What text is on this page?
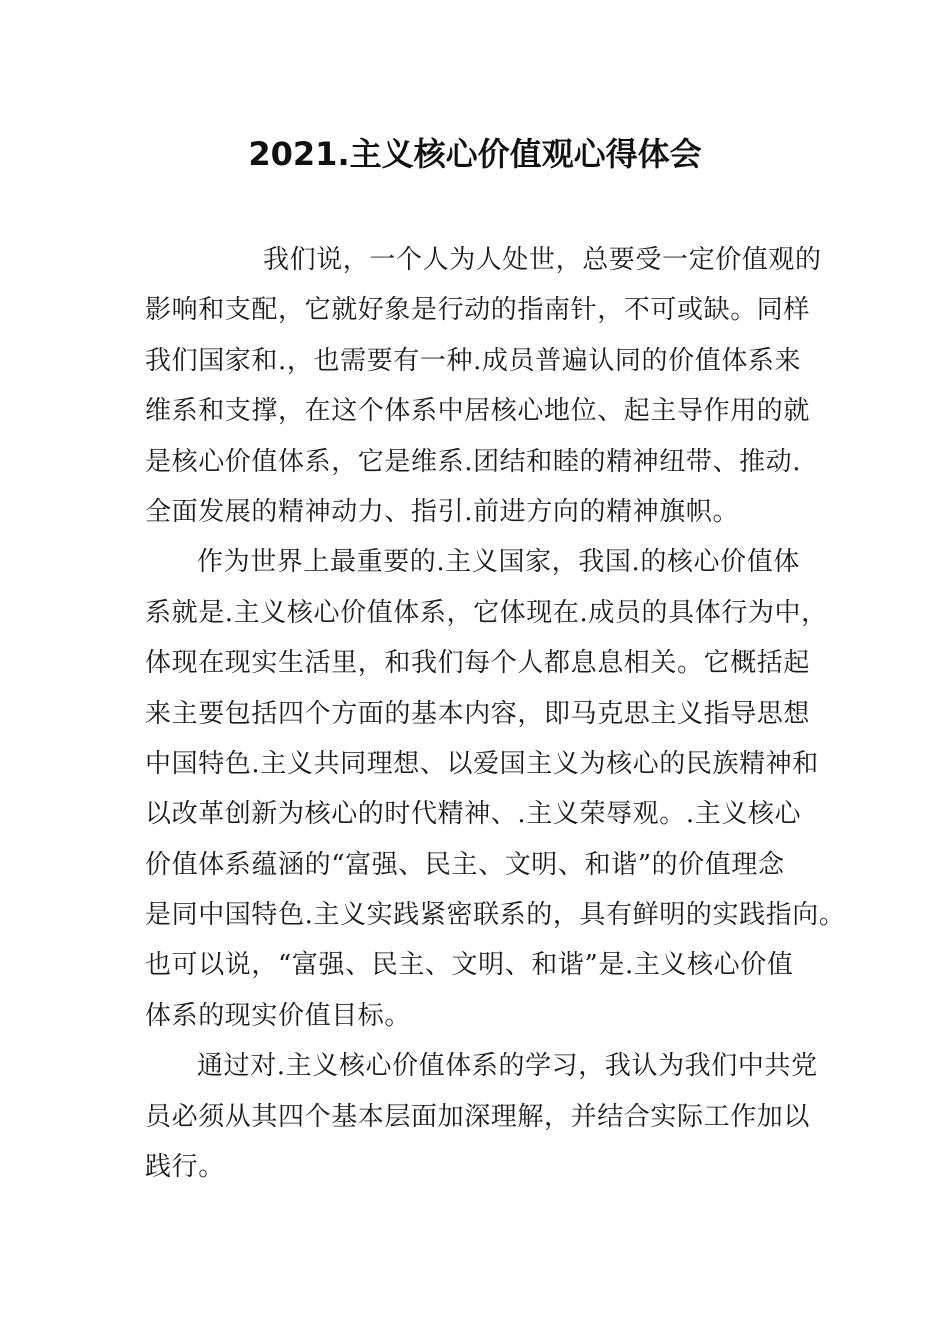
2021.主义核心价值观心得体会

我们说，一个人为人处世，总要受一定价值观的

影响和支配，它就好象是行动的指南针，不可或缺。同样

我们国家和.，也需要有一种.成员普遍认同的价值体系来

维系和支撑，在这个体系中居核心地位、起主导作用的就

是核心价值体系，它是维系.团结和睦的精神纽带、推动.

全面发展的精神动力、指引.前进方向的精神旗帜。

作为世界上最重要的.主义国家，我国.的核心价值体

系就是.主义核心价值体系，它体现在.成员的具体行为中，

体现在现实生活里，和我们每个人都息息相关。它概括起

来主要包括四个方面的基本内容，即马克思主义指导思想

中国特色.主义共同理想、以爱国主义为核心的民族精神和

以改革创新为核心的时代精神、.主义荣辱观。.主义核心

价值体系蕴涵的“富强、民主、文明、和谐”的价值理念

是同中国特色.主义实践紧密联系的，具有鲜明的实践指向。

也可以说，“富强、民主、文明、和谐”是.主义核心价值

体系的现实价值目标。

通过对.主义核心价值体系的学习，我认为我们中共党

员必须从其四个基本层面加深理解，并结合实际工作加以

践行。
